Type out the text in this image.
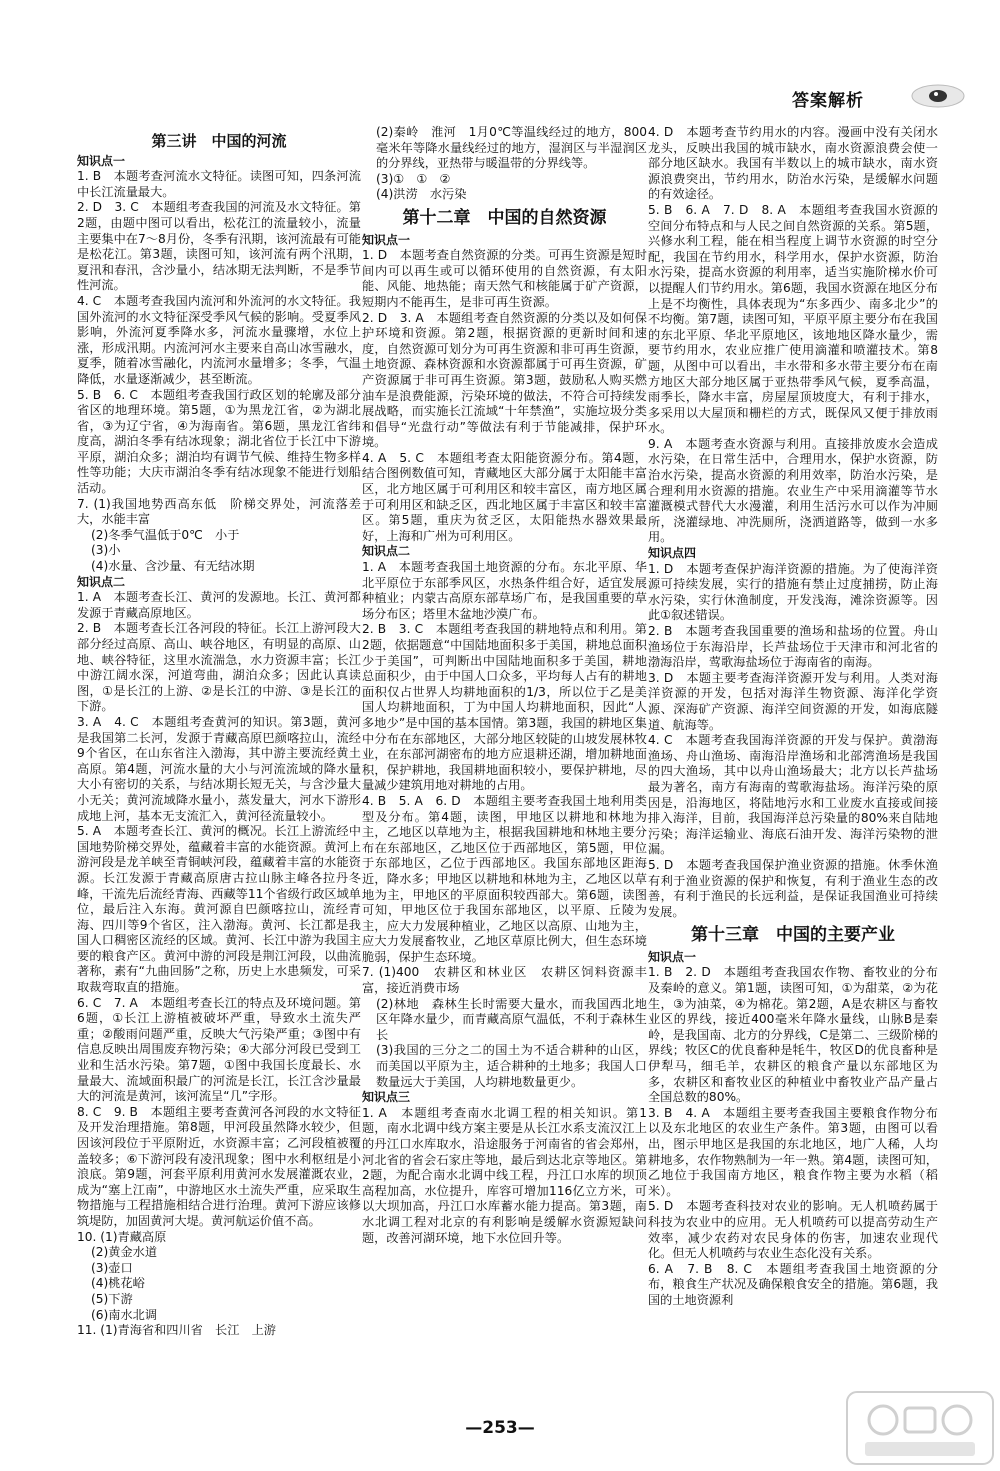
答案解析
第三讲　中国的河流
知识点一

1. B　本题考查河流水文特征。读图可知，四条河流中长江流量最大。

2. D　3. C　本题组考查我国的河流及水文特征。第2题，由题中图可以看出，松花江的流量较小，流量主要集中在7～8月份，冬季有汛期，该河流最有可能是松花江。第3题，读图可知，该河流有两个汛期，夏汛和春汛，含沙量小，结冰期无法判断，不是季节性河流。

4. C　本题考查我国内流河和外流河的水文特征。我国外流河的水文特征深受季风气候的影响。受夏季风影响，外流河夏季降水多，河流水量骤增，水位上涨，形成汛期。内流河河水主要来自高山冰雪融水，夏季，随着冰雪融化，内流河水量增多；冬季，气温降低，水量逐渐减少，甚至断流。

5. B　6. C　本题组考查我国行政区划的轮廓及部分省区的地理环境。第5题，①为黑龙江省，②为湖北省，③为辽宁省，④为海南省。第6题，黑龙江省纬度高，湖泊冬季有结冰现象；湖北省位于长江中下游平原，湖泊众多；湖泊均有调节气候、维持生物多样性等功能；大庆市湖泊冬季有结冰现象不能进行划船活动。

7. (1)我国地势西高东低　阶梯交界处，河流落差大，水能丰富

(2)冬季气温低于0℃　小于

(3)小

(4)水量、含沙量、有无结冰期

知识点二

1. A　本题考查长江、黄河的发源地。长江、黄河都发源于青藏高原地区。

2. B　本题考查长江各河段的特征。长江上游河段大部分经过高原、高山、峡谷地区，有明显的高原、山地、峡谷特征，这里水流湍急，水力资源丰富；长江中游江阔水深，河道弯曲，湖泊众多；因此认真读图，①是长江的上游、②是长江的中游、③是长江的下游。

3. A　4. C　本题组考查黄河的知识。第3题，黄河是我国第二长河，发源于青藏高原巴颜喀拉山，流经9个省区，在山东省注入渤海，其中游主要流经黄土高原。第4题，河流水量的大小与河流流域的降水量大小有密切的关系，与结冰期长短无关，与含沙量大小无关；黄河流域降水量小，蒸发量大，河水下游形成地上河，基本无支流汇入，黄河径流量较小。

5. A　本题考查长江、黄河的概况。长江上游流经中国地势阶梯交界处，蕴藏着丰富的水能资源。黄河上游河段是龙羊峡至青铜峡河段，蕴藏着丰富的水能资源。长江发源于青藏高原唐古拉山脉主峰各拉丹冬峰，干流先后流经青海、西藏等11个省级行政区域单位，最后注入东海。黄河源自巴颜喀拉山，流经青海、四川等9个省区，注入渤海。黄河、长江都是我国人口稠密区流经的区域。黄河、长江中游为我国主要的粮食产区。黄河中游的河段是荆江河段，以曲流著称，素有“九曲回肠”之称，历史上水患频发，可采取裁弯取直的措施。

6. C　7. A　本题组考查长江的特点及环境问题。第6题，①长江上游植被破坏严重，导致水土流失严重；②酸雨问题严重，反映大气污染严重；③图中有信息反映出周围废弃物污染；④大部分河段已受到工业和生活水污染。第7题，①图中我国长度最长、水量最大、流域面积最广的河流是长江，长江含沙量最大的河流是黄河，该河流呈“几”字形。

8. C　9. B　本题组主要考查黄河各河段的水文特征及开发治理措施。第8题，甲河段虽然降水较少，但因该河段位于平原附近，水资源丰富；乙河段植被覆盖较多；⑥下游河段有凌汛现象；图中水利枢纽是小浪底。第9题，河套平原利用黄河水发展灌溉农业，成为“塞上江南”，中游地区水土流失严重，应采取生物措施与工程措施相结合进行治理。黄河下游应该修筑堤防，加固黄河大堤。黄河航运价值不高。

10. (1)青藏高原

(2)黄金水道

(3)壶口

(4)桃花峪

(5)下游

(6)南水北调

11. (1)青海省和四川省　长江　上游

(2)秦岭　淮河　1月0℃等温线经过的地方，800毫米年等降水量线经过的地方，湿润区与半湿润区的分界线，亚热带与暖温带的分界线等。

(3)①　①　②

(4)洪涝　水污染

第十二章　中国的自然资源
知识点一

1. D　本题考查自然资源的分类。可再生资源是短时间内可以再生或可以循环使用的自然资源，有太阳能、风能、地热能；南天然气和核能属于矿产资源，短期内不能再生，是非可再生资源。

2. D　3. A　本题组考查自然资源的分类以及如何保护环境和资源。第2题，根据资源的更新时间和速度，自然资源可划分为可再生资源和非可再生资源，土地资源、森林资源和水资源都属于可再生资源，矿产资源属于非可再生资源。第3题，鼓励私人购买燃油车是浪费能源，污染环境的做法，不符合可持续发展战略，而实施长江流域“十年禁渔”，实施垃圾分类和倡导“光盘行动”等做法有利于节能减排，保护环境。

4. A　5. C　本题组考查太阳能资源分布。第4题，结合图例数值可知，青藏地区大部分属于太阳能丰富区，北方地区属于可利用区和较丰富区，南方地区属于可利用区和缺乏区，西北地区属于丰富区和较丰富区。第5题，重庆为贫乏区，太阳能热水器效果最好，上海和广州为可利用区。

知识点二

1. A　本题考查我国土地资源的分布。东北平原、华北平原位于东部季风区，水热条件组合好，适宜发展种植业；内蒙古高原东部草场广布，是我国重要的草场分布区；塔里木盆地沙漠广布。

2. B　3. C　本题组考查我国的耕地特点和利用。第2题，依据题意“中国陆地面积多于美国，耕地总面积少于美国”，可判断出中国陆地面积多于美国，耕地总面积少，由于中国人口众多，平均每人占有的耕地面积仅占世界人均耕地面积的1/3，所以位于乙是美国人均耕地面积，丁为中国人均耕地面积，因此“人多地少”是中国的基本国情。第3题，我国的耕地区集中分布在东部地区，大部分地区较陡的山坡发展林牧业，在东部河湖密布的地方应退耕还湖，增加耕地面积，保护耕地，我国耕地面积较小，要保护耕地，尽量减少建筑用地对耕地的占用。

4. B　5. A　6. D　本题组主要考查我国土地利用类型及分布。第4题，读图，甲地区以耕地和林地为主，乙地区以草地为主，根据我国耕地和林地主要分布在东部地区，乙地区位于西部地区，第5题，甲位于东部地区，乙位于西部地区。我国东部地区距海近，降水多；甲地区以耕地和林地为主，乙地区以草地为主，甲地区的平原面积较西部大。第6题，读图可知，甲地区位于我国东部地区，以平原、丘陵为主，应大力发展种植业，乙地区以高原、山地为主，应大力发展畜牧业，乙地区草原比例大，但生态环境脆弱，保护生态环境。

7. (1)400　农耕区和林业区　农耕区饲料资源丰富，接近消费市场

(2)林地　森林生长时需要大量水，而我国西北地区年降水量少，而青藏高原气温低，不利于森林生长

(3)我国的三分之二的国土为不适合耕种的山区，而美国以平原为主，适合耕种的土地多；我国人口数量远大于美国，人均耕地数量更少。

知识点三

1. A　本题组考查南水北调工程的相关知识。第1题，南水北调中线方案主要是从长江水系支流汉江上的丹江口水库取水，沿途服务于河南省的省会郑州，河北省的省会石家庄等地，最后到达北京等地区。第2题，为配合南水北调中线工程，丹江口水库的坝顶高程加高，水位提升，库容可增加116亿立方米，可以大坝加高，丹江口水库蓄水能力提高。第3题，南水北调工程对北京的有利影响是缓解水资源短缺问题，改善河湖环境，地下水位回升等。

4. D　本题考查节约用水的内容。漫画中没有关闭水龙头，反映出我国的城市缺水，南水资源浪费会使一部分地区缺水。我国有半数以上的城市缺水，南水资源浪费突出，节约用水，防治水污染，是缓解水问题的有效途径。

5. B　6. A　7. D　8. A　本题组考查我国水资源的空间分布特点和与人民之间自然资源的关系。第5题，兴修水利工程，能在相当程度上调节水资源的时空分配，我国在节约用水，科学用水，保护水资源，防治水污染，提高水资源的利用率，适当实施阶梯水价可以提醒人们节约用水。第6题，我国水资源在地区分布上是不均衡性，具体表现为“东多西少、南多北少”的不均衡。第7题，读图可知，平原平原主要分布在我国的东北平原、华北平原地区，该地地区降水量少，需要节约用水，农业应推广使用滴灌和喷灌技术。第8题，从图中可以看出，丰水带和多水带主要分布在南方地区大部分地区属于亚热带季风气候，夏季高温，雨季长，降水丰富，房屋屋顶坡度大，有利于排水，多采用以大屋顶和栅栏的方式，既保风又便于排放雨水。

9. A　本题考查水资源与利用。直接排放废水会造成水污染，在日常生活中，合理用水，保护水资源，防治水污染，提高水资源的利用效率，防治水污染，是合理利用水资源的措施。农业生产中采用滴灌等节水灌溉模式替代大水漫灌，利用生活污水可以作为冲厕所，浇灌绿地、冲洗厕所，浇洒道路等，做到一水多用。

知识点四

1. D　本题考查保护海洋资源的措施。为了使海洋资源可持续发展，实行的措施有禁止过度捕捞，防止海水污染，实行休渔制度，开发浅海，滩涂资源等。因此①叙述错误。

2. B　本题考查我国重要的渔场和盐场的位置。舟山渔场位于东海沿岸，长芦盐场位于天津市和河北省的渤海沿岸，莺歌海盐场位于海南省的南海。

3. D　本题主要考查海洋资源开发与利用。人类对海洋资源的开发，包括对海洋生物资源、海洋化学资源、深海矿产资源、海洋空间资源的开发，如海底隧道、航海等。

4. C　本题考查我国海洋资源的开发与保护。黄渤海渔场、舟山渔场、南海沿岸渔场和北部湾渔场是我国的四大渔场，其中以舟山渔场最大；北方以长芦盐场最为著名，南方有海南的莺歌海盐场。海洋污染的原因是，沿海地区，将陆地污水和工业废水直接或间接排入海洋，目前，我国海洋总污染量的80%来自陆地污染；海洋运输业、海底石油开发、海洋污染物的泄漏。

5. D　本题考查我国保护渔业资源的措施。休季休渔有利于渔业资源的保护和恢复，有利于渔业生态的改善，有利于渔民的长远利益，是保证我国渔业可持续发展。

第十三章　中国的主要产业
知识点一

1. B　2. D　本题组考查我国农作物、畜牧业的分布及秦岭的意义。第1题，读图可知，①为甜菜，②为花生，③为油菜，④为棉花。第2题，A是农耕区与畜牧业区的界线，接近400毫米年降水量线，山脉B是秦岭，是我国南、北方的分界线，C是第二、三级阶梯的界线；牧区C的优良畜种是牦牛，牧区D的优良畜种是伊犁马，细毛羊，农耕区的粮食产量以东部地区为多，农耕区和畜牧业区的种植业中畜牧业产品产量占全国总数的80%。

3. B　4. A　本题组主要考查我国主要粮食作物分布以及东北地区的农业生产条件。第3题，由图可以看出，图示甲地区是我国的东北地区，地广人稀，人均耕地多，农作物熟制为一年一熟。第4题，读图可知，乙地位于我国南方地区，粮食作物主要为水稻（稻米）。

5. D　本题考查科技对农业的影响。无人机喷药属于科技为农业中的应用。无人机喷药可以提高劳动生产效率，减少农药对农民身体的伤害，加速农业现代化。但无人机喷药与农业生态化没有关系。

6. A　7. B　8. C　本题组考查我国土地资源的分布，粮食生产状况及确保粮食安全的措施。第6题，我国的土地资源利

—253—
